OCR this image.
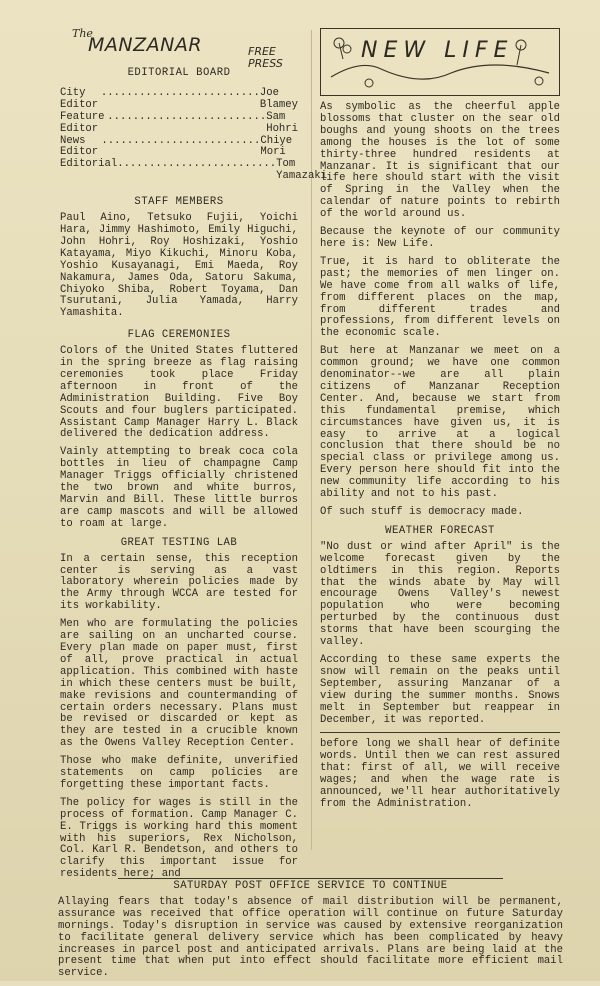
The
MANZANAR	FREE PRESS
EDITORIAL BOARD
City Editor
......................... Joe Blamey
Feature Editor
......................... Sam Hohri
News Editor
......................... Chiye Mori
Editorial ......................... Tom Yamazaki
STAFF MEMBERS

Paul Aino, Tetsuko Fujii, Yoichi Hara, Jimmy Hashimoto, Emily Higuchi, John Hohri, Roy Hoshizaki, Yoshio Katayama, Miyo Kikuchi, Minoru Koba, Yoshio Kusayanagi, Emi Maeda, Roy Nakamura, James Oda, Satoru Sakuma, Chiyoko Shiba, Robert Toyama, Dan Tsurutani, Julia Yamada, Harry Yamashita.

FLAG CEREMONIES

Colors of the United States fluttered in the spring breeze as flag raising ceremonies took place Friday afternoon in front of the Administration Building. Five Boy Scouts and four buglers participated. Assistant Camp Manager Harry L. Black delivered the dedication address.

Vainly attempting to break coca cola bottles in lieu of champagne Camp Manager Triggs officially christened the two brown and white burros, Marvin and Bill. These little burros are camp mascots and will be allowed to roam at large.

GREAT TESTING LAB

In a certain sense, this reception center is serving as a vast laboratory wherein policies made by the Army through WCCA are tested for its workability.

Men who are formulating the policies are sailing on an uncharted course. Every plan made on paper must, first of all, prove practical in actual application. This combined with haste in which these centers must be built, make revisions and countermanding of certain orders necessary. Plans must be revised or discarded or kept as they are tested in a crucible known as the Owens Valley Reception Center.

Those who make definite, unverified statements on camp policies are forgetting these important facts.

The policy for wages is still in the process of formation. Camp Manager C. E. Triggs is working hard this moment with his superiors, Rex Nicholson, Col. Karl R. Bendetson, and others to clarify this important issue for residents here; and

NEW LIFE

As symbolic as the cheerful apple blossoms that cluster on the sear old boughs and young shoots on the trees among the houses is the lot of some thirty-three hundred residents at Manzanar. It is significant that our life here should start with the visit of Spring in the Valley when the calendar of nature points to rebirth of the world around us.

Because the keynote of our community here is: New Life.

True, it is hard to obliterate the past; the memories of men linger on. We have come from all walks of life, from different places on the map, from different trades and professions, from different levels on the economic scale.

But here at Manzanar we meet on a common ground; we have one common denominator--we are all plain citizens of Manzanar Reception Center. And, because we start from this fundamental premise, which circumstances have given us, it is easy to arrive at a logical conclusion that there should be no special class or privilege among us. Every person here should fit into the new community life according to his ability and not to his past.

Of such stuff is democracy made.

WEATHER FORECAST

"No dust or wind after April" is the welcome forecast given by the oldtimers in this region. Reports that the winds abate by May will encourage Owens Valley's newest population who were becoming perturbed by the continuous dust storms that have been scourging the valley.

According to these same experts the snow will remain on the peaks until September, assuring Manzanar of a view during the summer months. Snows melt in September but reappear in December, it was reported.

before long we shall hear of definite words. Until then we can rest assured that: first of all, we will receive wages; and when the wage rate is announced, we'll hear authoritatively from the Administration.

SATURDAY POST OFFICE SERVICE TO CONTINUE

Allaying fears that today's absence of mail distribution will be permanent, assurance was received that office operation will continue on future Saturday mornings. Today's disruption in service was caused by extensive reorganization to facilitate general delivery service which has been complicated by heavy increases in parcel post and anticipated arrivals. Plans are being laid at the present time that when put into effect should facilitate more efficient mail service.
